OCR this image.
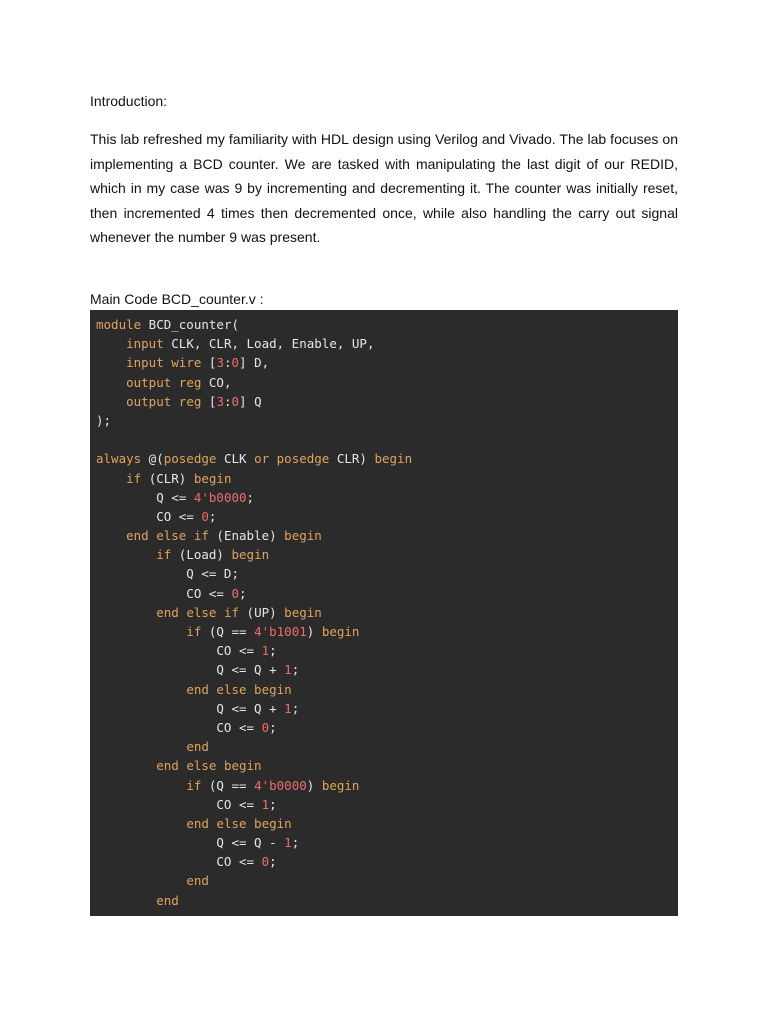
Introduction:

This lab refreshed my familiarity with HDL design using Verilog and Vivado. The lab focuses on implementing a BCD counter. We are tasked with manipulating the last digit of our REDID, which in my case was 9 by incrementing and decrementing it. The counter was initially reset, then incremented 4 times then decremented once, while also handling the carry out signal whenever the number 9 was present.

Main Code BCD_counter.v :
module BCD_counter(
input CLK, CLR, Load, Enable, UP,
input wire [3:0] D,
output reg CO,
output reg [3:0] Q
);

always @(posedge CLK or posedge CLR) begin
if (CLR) begin
Q <= 4'b0000;
CO <= 0;
end else if (Enable) begin
if (Load) begin
Q <= D;
CO <= 0;
end else if (UP) begin
if (Q == 4'b1001) begin
CO <= 1;
Q <= Q + 1;
end else begin
Q <= Q + 1;
CO <= 0;
end
end else begin
if (Q == 4'b0000) begin
CO <= 1;
end else begin
Q <= Q - 1;
CO <= 0;
end
end
